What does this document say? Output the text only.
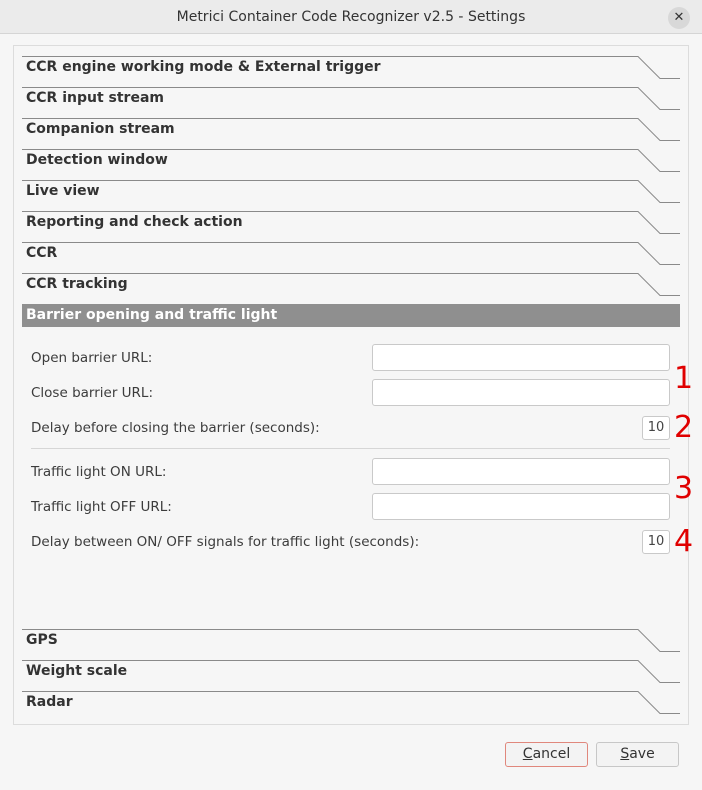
Metrici Container Code Recognizer v2.5 - Settings	✕
CCR engine working mode & External trigger
CCR input stream
Companion stream
Detection window
Live view
Reporting and check action
CCR
CCR tracking
Barrier opening and traffic light
Open barrier URL:
Close barrier URL:
Delay before closing the barrier (seconds):	10
Traffic light ON URL:
Traffic light OFF URL:
Delay between ON/ OFF signals for traffic light (seconds):	10
1
2
3
4
GPS
Weight scale
Radar
Cancel	Save
